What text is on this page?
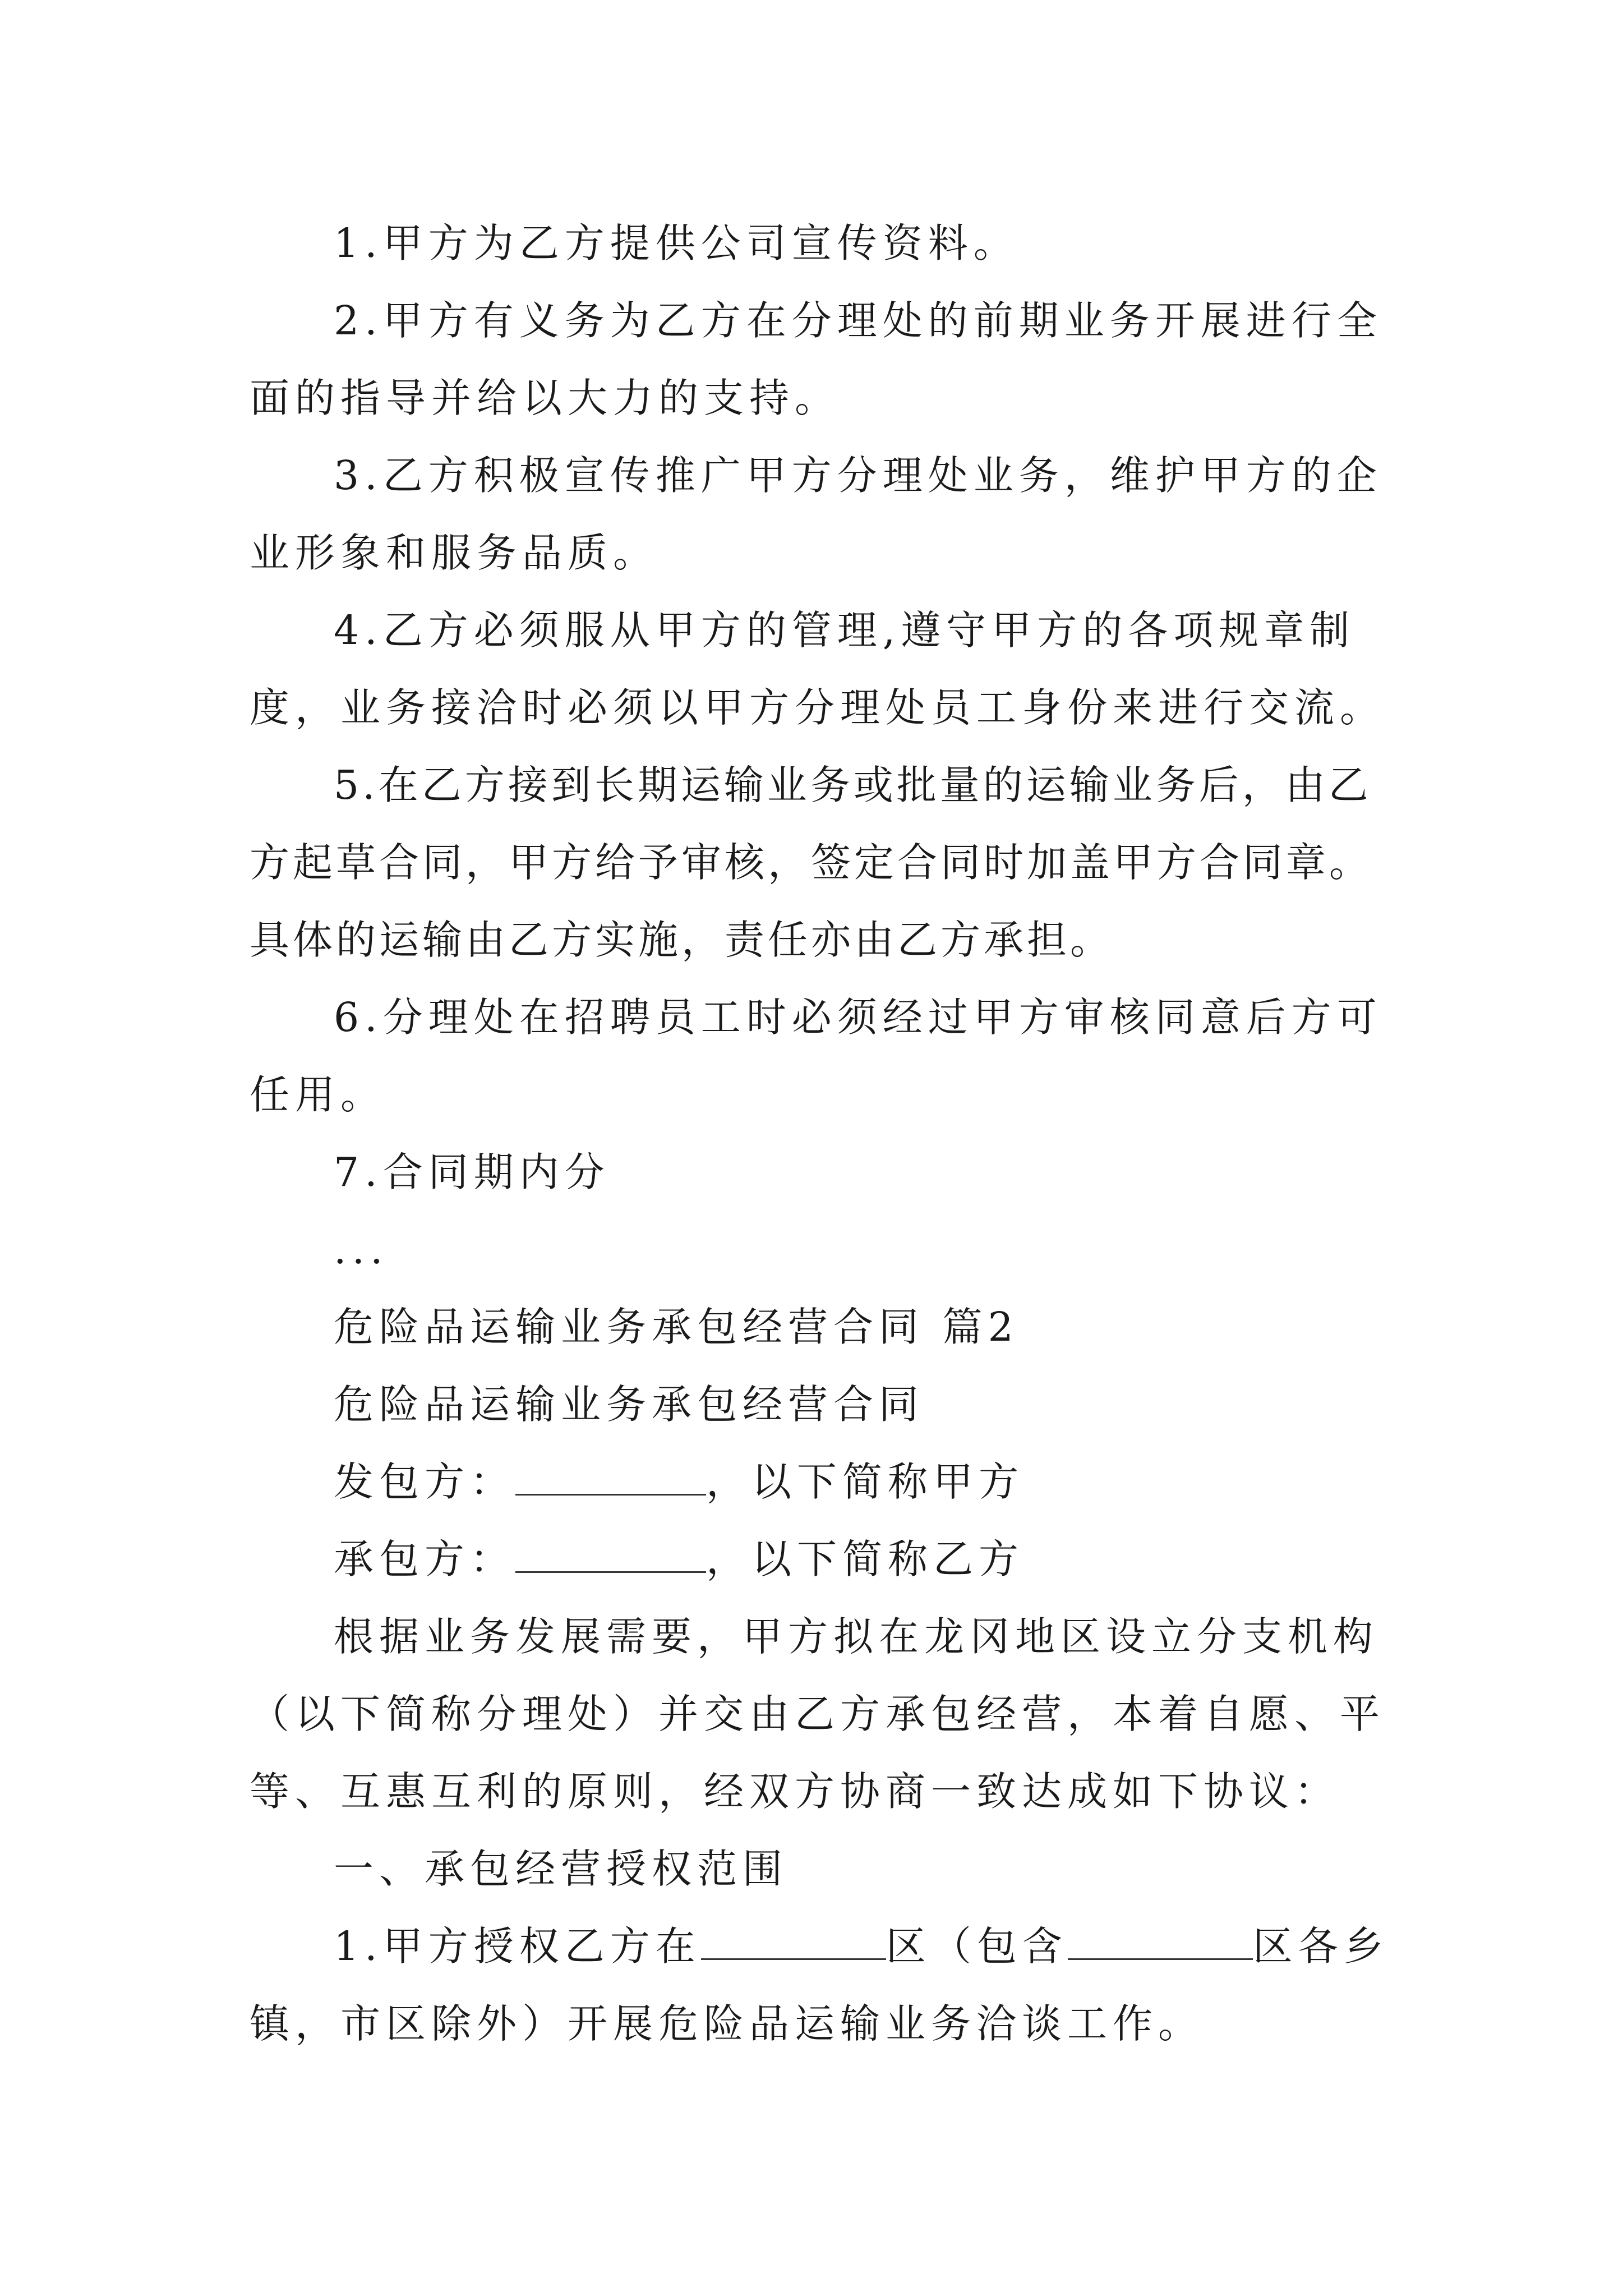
1.甲方为乙方提供公司宣传资料。

2.甲方有义务为乙方在分理处的前期业务开展进行全面的指导并给以大力的支持。

3.乙方积极宣传推广甲方分理处业务，维护甲方的企业形象和服务品质。

4.乙方必须服从甲方的管理,遵守甲方的各项规章制度，业务接洽时必须以甲方分理处员工身份来进行交流。

5.在乙方接到长期运输业务或批量的运输业务后，由乙方起草合同，甲方给予审核，签定合同时加盖甲方合同章。具体的运输由乙方实施，责任亦由乙方承担。

6.分理处在招聘员工时必须经过甲方审核同意后方可任用。

7.合同期内分

...

危险品运输业务承包经营合同 篇2

危险品运输业务承包经营合同

发包方：	，以下简称甲方

承包方：	，以下简称乙方

根据业务发展需要，甲方拟在龙冈地区设立分支机构（以下简称分理处）并交由乙方承包经营，本着自愿、平等、互惠互利的原则，经双方协商一致达成如下协议：

一、承包经营授权范围

1.甲方授权乙方在	区（包含	区各乡镇，市区除外）开展危险品运输业务洽谈工作。
